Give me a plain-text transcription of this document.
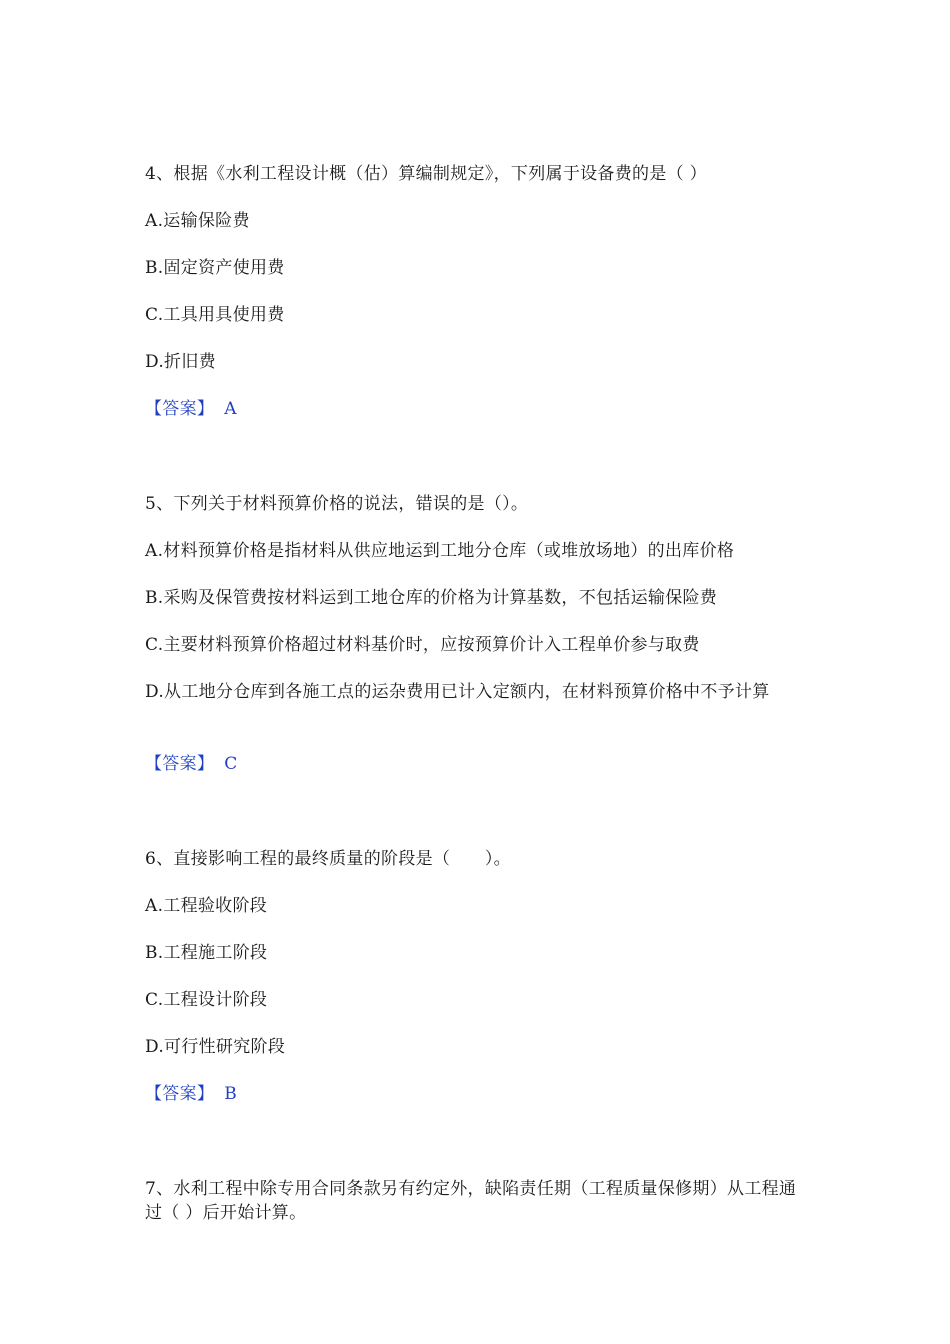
4、根据《水利工程设计概（估）算编制规定》，下列属于设备费的是（ ）
A.运输保险费
B.固定资产使用费
C.工具用具使用费
D.折旧费
【答案】 A
5、下列关于材料预算价格的说法，错误的是（）。
A.材料预算价格是指材料从供应地运到工地分仓库（或堆放场地）的出库价格
B.采购及保管费按材料运到工地仓库的价格为计算基数，不包括运输保险费
C.主要材料预算价格超过材料基价时，应按预算价计入工程单价参与取费
D.从工地分仓库到各施工点的运杂费用已计入定额内，在材料预算价格中不予计算
【答案】 C
6、直接影响工程的最终质量的阶段是（　　）。
A.工程验收阶段
B.工程施工阶段
C.工程设计阶段
D.可行性研究阶段
【答案】 B
7、水利工程中除专用合同条款另有约定外，缺陷责任期（工程质量保修期）从工程通过（ ）后开始计算。
